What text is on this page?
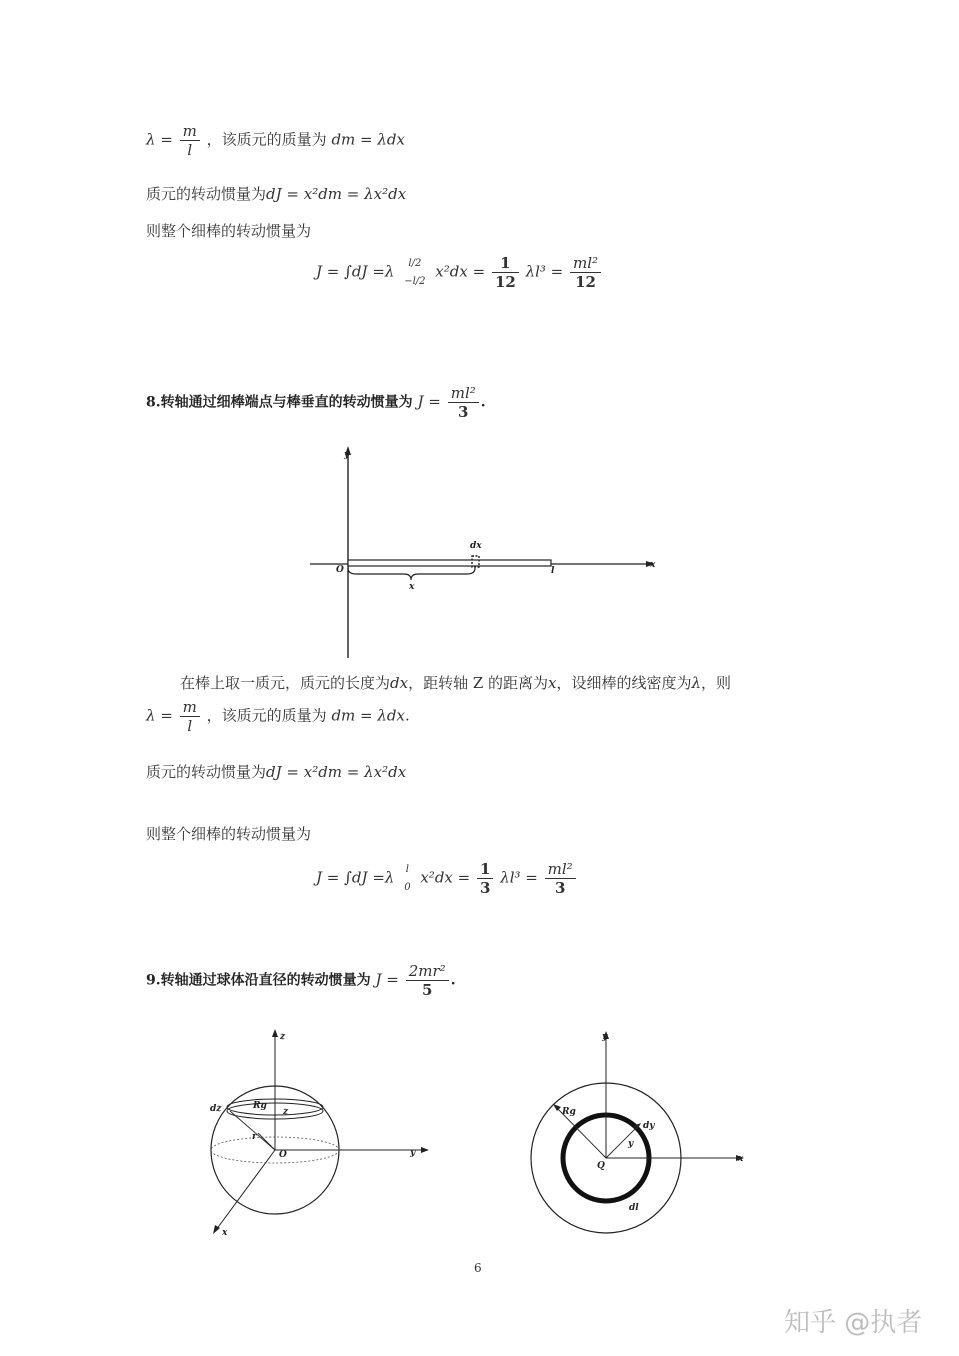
$\lambda = \frac{m}{l}$ ，该质元的质量为 dm = λdx
质元的转动惯量为dJ = x²dm = λx²dx
则整个细棒的转动惯量为
J = ∫dJ =λ	l/2
−l/2
$x^2dx = \frac{1}{12} \lambda l^3 = \frac{\text{ml²}}{12}$
8.转轴通过细棒端点与棒垂直的转动惯量为 $J = \frac{\text{ml²}}{3}$ .
y
x
O	l
dx
x
在棒上取一质元，质元的长度为dx，距转轴 Z 的距离为x，设细棒的线密度为λ，则
$\lambda = \frac{m}{l}$ ，该质元的质量为 dm = λdx.
质元的转动惯量为dJ = x²dm = λx²dx
则整个细棒的转动惯量为
J = ∫dJ =λ	l
0
$x^2dx = \frac{1}{3} \lambda l^3 = \frac{\text{ml²}}{3}$
9.转轴通过球体沿直径的转动惯量为 $J = \frac{\text{2mr²}}{5}$ .
z
y
x
O
dz	Rg
z
r
y
x
Q
Rg
dy
y
dl
6
知乎 @执者
